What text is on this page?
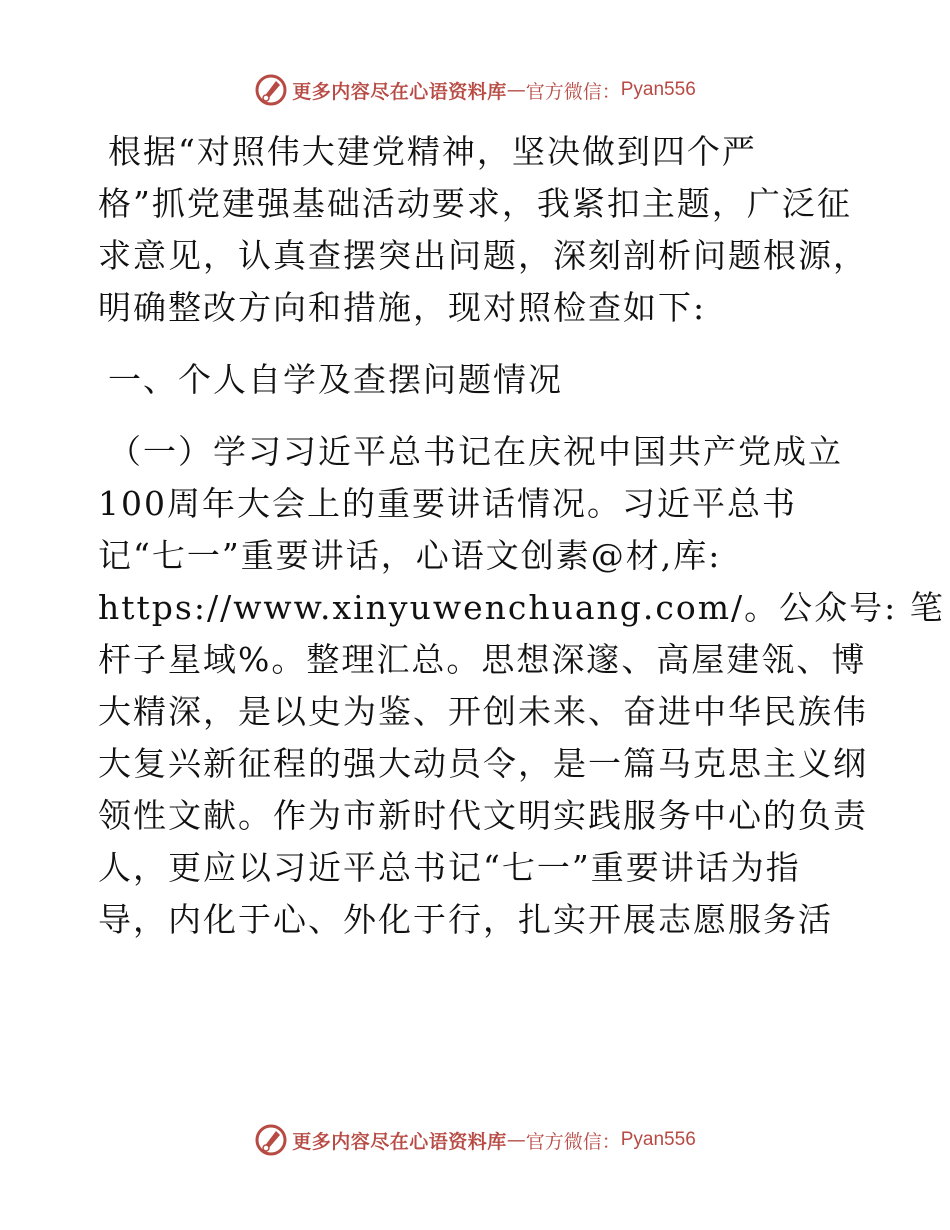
更多内容尽在心语资料库 — 官方微信： Pyan556
根据“对照伟大建党精神，坚决做到四个严
格”抓党建强基础活动要求，我紧扣主题，广泛征
求意见，认真查摆突出问题，深刻剖析问题根源，
明确整改方向和措施，现对照检查如下:
一、个人自学及查摆问题情况
（一）学习习近平总书记在庆祝中国共产党成立
100周年大会上的重要讲话情况。习近平总书
记“七一”重要讲话，心语文创素@材,库:
https://www.xinyuwenchuang.com/。公众号: 笔
杆子星域%。整理汇总。思想深邃、高屋建瓴、博
大精深，是以史为鉴、开创未来、奋进中华民族伟
大复兴新征程的强大动员令，是一篇马克思主义纲
领性文献。作为市新时代文明实践服务中心的负责
人，更应以习近平总书记“七一”重要讲话为指
导，内化于心、外化于行，扎实开展志愿服务活
更多内容尽在心语资料库 — 官方微信： Pyan556
